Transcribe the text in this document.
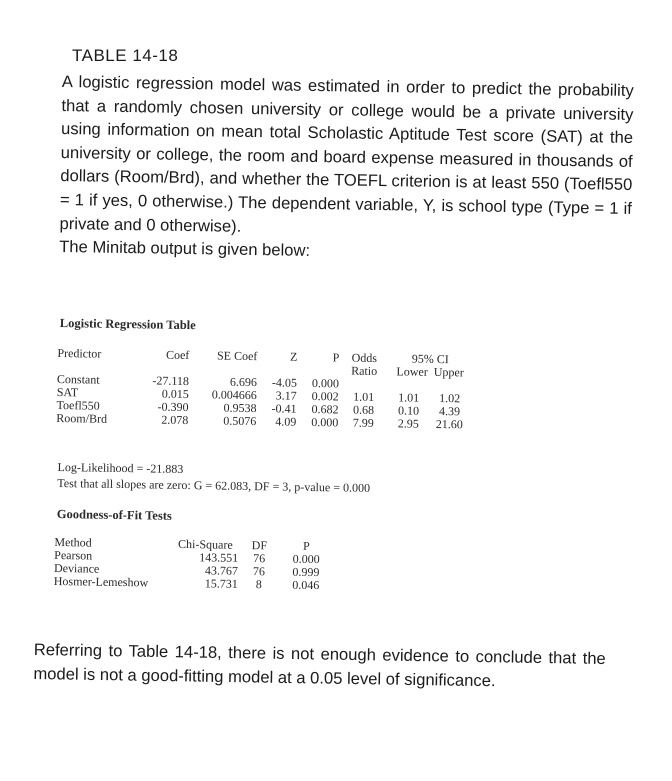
TABLE 14-18
A logistic regression model was estimated in order to predict the probability that a randomly chosen university or college would be a private university using information on mean total Scholastic Aptitude Test score (SAT) at the university or college, the room and board expense measured in thousands of dollars (Room/Brd), and whether the TOEFL criterion is at least 550 (Toefl550 = 1 if yes, 0 otherwise.) The dependent variable, Y, is school type (Type = 1 if private and 0 otherwise).
The Minitab output is given below:
Logistic Regression Table
Predictor	Coef	SE Coef	Z	P	Odds
Ratio	95% CI
Lower Upper	
Constant	-27.118	6.696	-4.05	0.000			
SAT	0.015	0.004666	3.17	0.002	1.01	1.01	1.02
Toefl550	-0.390	0.9538	-0.41	0.682	0.68	0.10	4.39
Room/Brd	2.078	0.5076	4.09	0.000	7.99	2.95	21.60
Log-Likelihood = -21.883
Test that all slopes are zero: G = 62.083, DF = 3, p-value = 0.000
Goodness-of-Fit Tests
Method	Chi-Square	DF	P
Pearson	143.551	76	0.000
Deviance	43.767	76	0.999
Hosmer-Lemeshow	15.731	8	0.046
Referring to Table 14-18, there is not enough evidence to conclude that the model is not a good-fitting model at a 0.05 level of significance.
